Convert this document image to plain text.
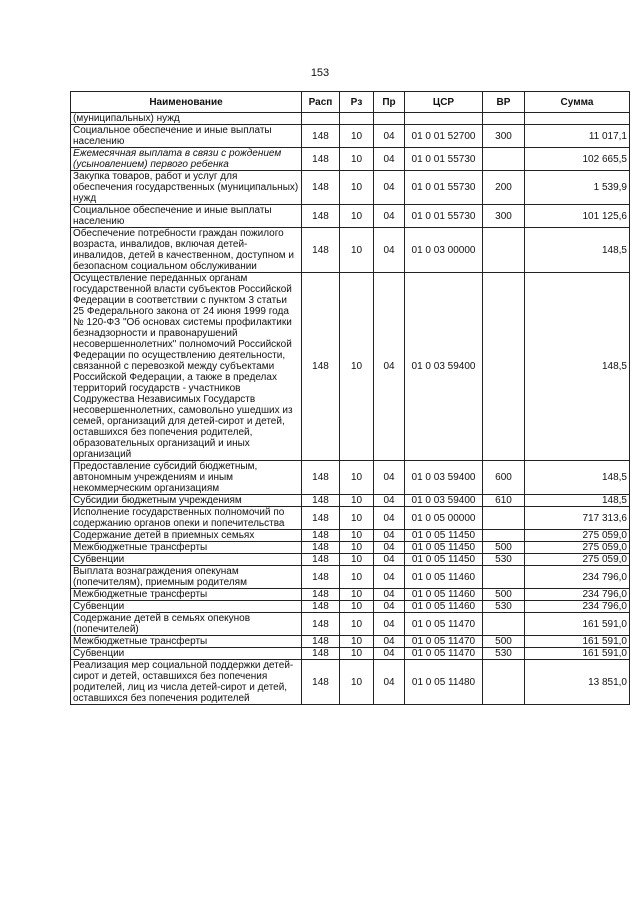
153
Наименование	Расп	Рз	Пр	ЦСР	ВР	Сумма
(муниципальных) нужд						
Социальное обеспечение и иные выплаты населению	148	10	04	01 0 01 52700	300	11 017,1
Ежемесячная выплата в связи с рождением (усыновлением) первого ребенка	148	10	04	01 0 01 55730		102 665,5
Закупка товаров, работ и услуг для обеспечения государственных (муниципальных) нужд	148	10	04	01 0 01 55730	200	1 539,9
Социальное обеспечение и иные выплаты населению	148	10	04	01 0 01 55730	300	101 125,6
Обеспечение потребности граждан пожилого возраста, инвалидов, включая детей-инвалидов, детей в качественном, доступном и безопасном социальном обслуживании	148	10	04	01 0 03 00000		148,5
Осуществление переданных органам государственной власти субъектов Российской Федерации в соответствии с пунктом 3 статьи 25 Федерального закона от 24 июня 1999 года № 120-ФЗ "Об основах системы профилактики безнадзорности и правонарушений несовершеннолетних" полномочий Российской Федерации по осуществлению деятельности, связанной с перевозкой между субъектами Российской Федерации, а также в пределах территорий государств - участников Содружества Независимых Государств несовершеннолетних, самовольно ушедших из семей, организаций для детей-сирот и детей, оставшихся без попечения родителей, образовательных организаций и иных организаций	148	10	04	01 0 03 59400		148,5
Предоставление субсидий бюджетным, автономным учреждениям и иным некоммерческим организациям	148	10	04	01 0 03 59400	600	148,5
Субсидии бюджетным учреждениям	148	10	04	01 0 03 59400	610	148,5
Исполнение государственных полномочий по содержанию органов опеки и попечительства	148	10	04	01 0 05 00000		717 313,6
Содержание детей в приемных семьях	148	10	04	01 0 05 11450		275 059,0
Межбюджетные трансферты	148	10	04	01 0 05 11450	500	275 059,0
Субвенции	148	10	04	01 0 05 11450	530	275 059,0
Выплата вознаграждения опекунам (попечителям), приемным родителям	148	10	04	01 0 05 11460		234 796,0
Межбюджетные трансферты	148	10	04	01 0 05 11460	500	234 796,0
Субвенции	148	10	04	01 0 05 11460	530	234 796,0
Содержание детей в семьях опекунов (попечителей)	148	10	04	01 0 05 11470		161 591,0
Межбюджетные трансферты	148	10	04	01 0 05 11470	500	161 591,0
Субвенции	148	10	04	01 0 05 11470	530	161 591,0
Реализация мер социальной поддержки детей-сирот и детей, оставшихся без попечения родителей, лиц из числа детей-сирот и детей, оставшихся без попечения родителей	148	10	04	01 0 05 11480		13 851,0
